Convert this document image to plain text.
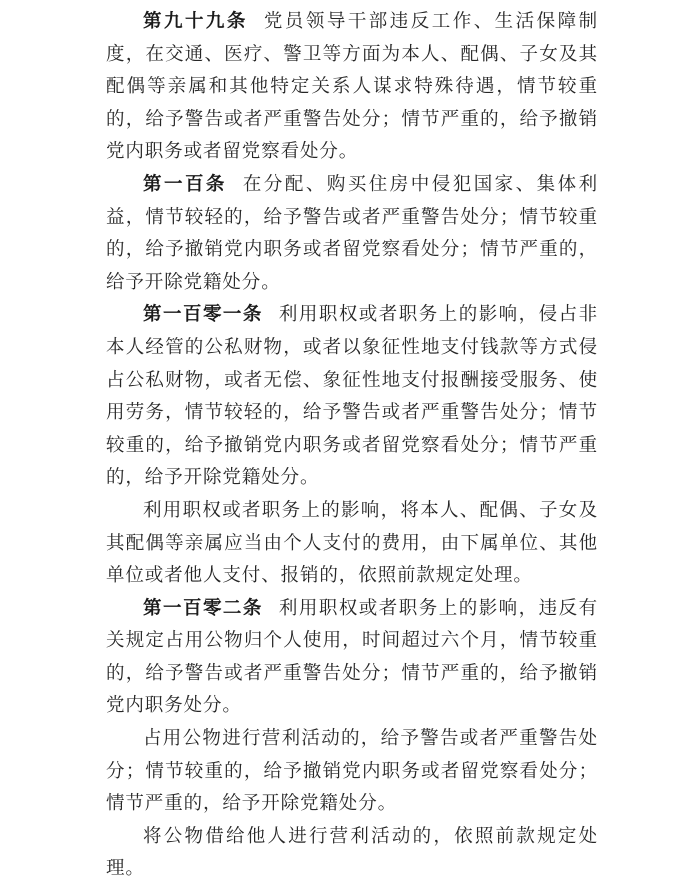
第九十九条 党员领导干部违反工作、生活保障制度，在交通、医疗、警卫等方面为本人、配偶、子女及其配偶等亲属和其他特定关系人谋求特殊待遇，情节较重的，给予警告或者严重警告处分；情节严重的，给予撤销党内职务或者留党察看处分。

第一百条 在分配、购买住房中侵犯国家、集体利益，情节较轻的，给予警告或者严重警告处分；情节较重的，给予撤销党内职务或者留党察看处分；情节严重的，给予开除党籍处分。

第一百零一条 利用职权或者职务上的影响，侵占非本人经管的公私财物，或者以象征性地支付钱款等方式侵占公私财物，或者无偿、象征性地支付报酬接受服务、使用劳务，情节较轻的，给予警告或者严重警告处分；情节较重的，给予撤销党内职务或者留党察看处分；情节严重的，给予开除党籍处分。

利用职权或者职务上的影响，将本人、配偶、子女及其配偶等亲属应当由个人支付的费用，由下属单位、其他单位或者他人支付、报销的，依照前款规定处理。

第一百零二条 利用职权或者职务上的影响，违反有关规定占用公物归个人使用，时间超过六个月，情节较重的，给予警告或者严重警告处分；情节严重的，给予撤销党内职务处分。

占用公物进行营利活动的，给予警告或者严重警告处分；情节较重的，给予撤销党内职务或者留党察看处分；情节严重的，给予开除党籍处分。

将公物借给他人进行营利活动的，依照前款规定处理。
